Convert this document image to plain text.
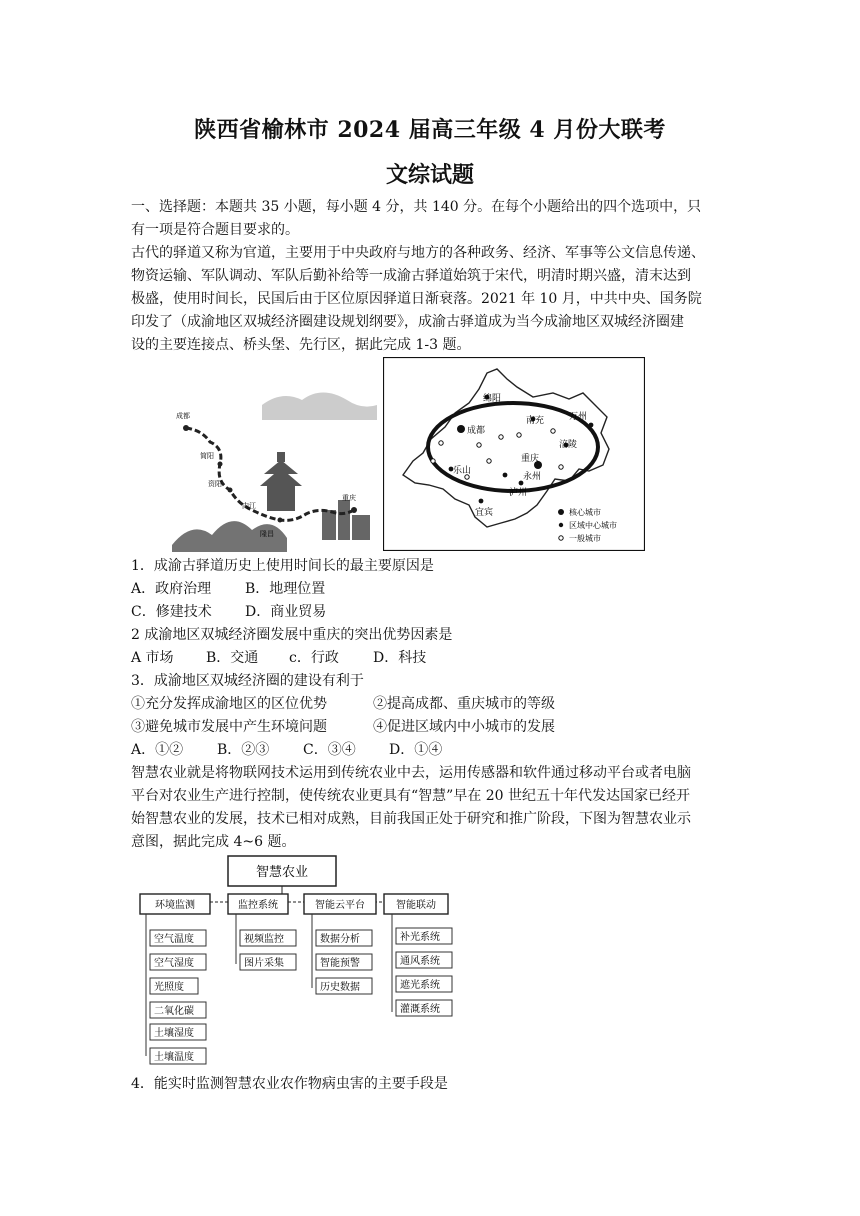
陕西省榆林市 2024 届高三年级 4 月份大联考
文综试题
一、选择题：本题共 35 小题，每小题 4 分，共 140 分。在每个小题给出的四个选项中，只
有一项是符合题目要求的。
古代的驿道又称为官道，主要用于中央政府与地方的各种政务、经济、军事等公文信息传递、
物资运输、军队调动、军队后勤补给等一成渝古驿道始筑于宋代，明清时期兴盛，清末达到
极盛，使用时间长，民国后由于区位原因驿道日渐衰落。2021 年 10 月，中共中央、国务院
印发了（成渝地区双城经济圈建设规划纲要》，成渝古驿道成为当今成渝地区双城经济圈建
设的主要连接点、桥头堡、先行区，据此完成 1-3 题。
成都
简阳
资阳
内江
隆昌
重庆
绵阳
成都
南充	万州
涪陵
乐山
重庆
永州
泸州
宜宾	核心城市
区域中心城市
一般城市
1．成渝古驿道历史上使用时间长的最主要原因是
A．政府治理 B．地理位置
C．修建技术 D．商业贸易
2 成渝地区双城经济圈发展中重庆的突出优势因素是
A 市场 B．交通 c．行政 D．科技
3．成渝地区双城经济圈的建设有利于
①充分发挥成渝地区的区位优势	②提高成都、重庆城市的等级
③避免城市发展中产生环境问题	④促进区域内中小城市的发展
A．①② B．②③ C．③④ D．①④
智慧农业就是将物联网技术运用到传统农业中去，运用传感器和软件通过移动平台或者电脑
平台对农业生产进行控制，使传统农业更具有“智慧”早在 20 世纪五十年代发达国家已经开
始智慧农业的发展，技术已相对成熟，目前我国正处于研究和推广阶段，下图为智慧农业示
意图，据此完成 4~6 题。
智慧农业
环境监测	监控系统	智能云平台	智能联动
空气温度
空气湿度
光照度
二氧化碳
土壤湿度
土壤温度
视频监控
图片采集
数据分析
智能预警
历史数据
补光系统
通风系统
遮光系统
灌溉系统
4．能实时监测智慧农业农作物病虫害的主要手段是
